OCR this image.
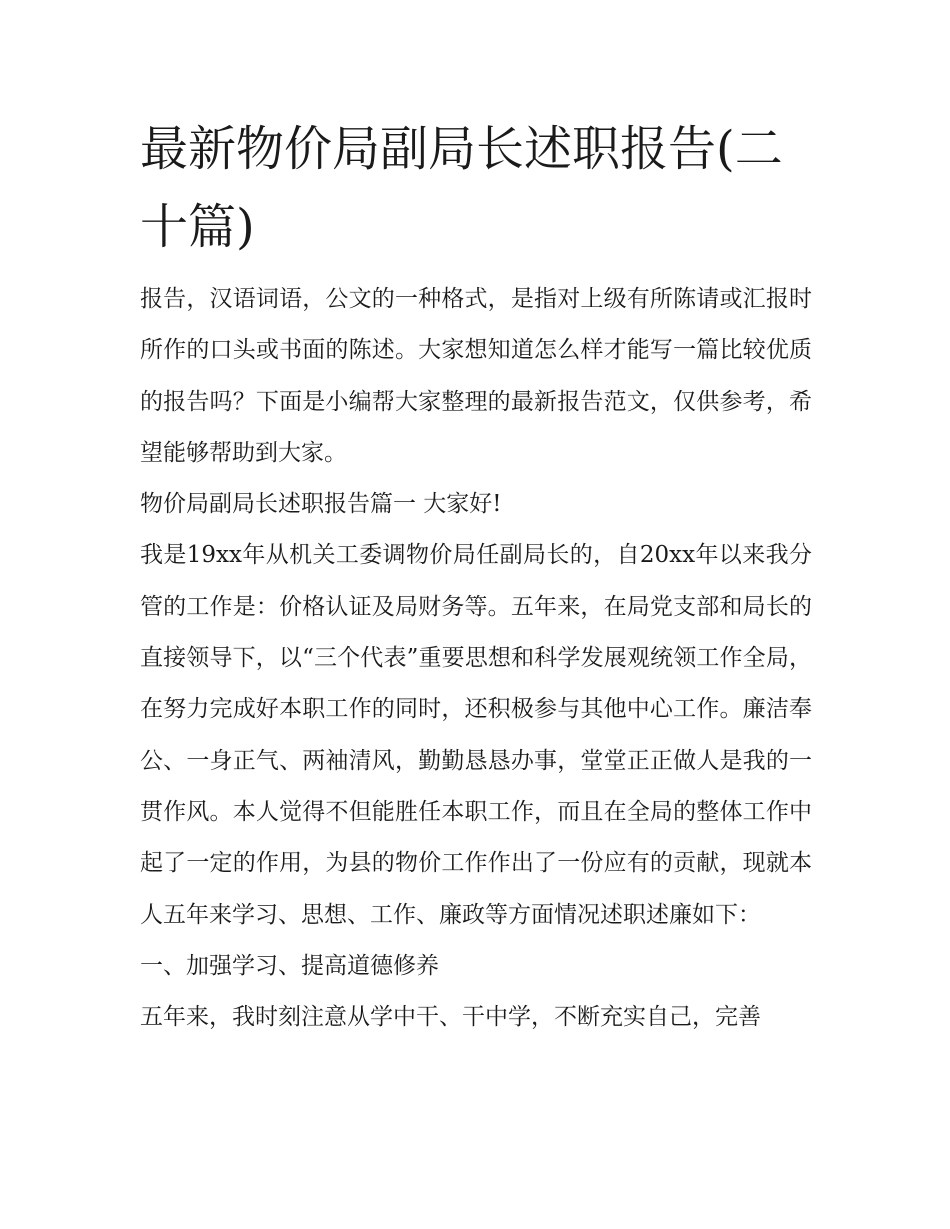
最新物价局副局长述职报告(二十篇)

报告，汉语词语，公文的一种格式，是指对上级有所陈请或汇报时所作的口头或书面的陈述。大家想知道怎么样才能写一篇比较优质的报告吗？下面是小编帮大家整理的最新报告范文，仅供参考，希望能够帮助到大家。

物价局副局长述职报告篇一 大家好!

我是19xx年从机关工委调物价局任副局长的，自20xx年以来我分管的工作是：价格认证及局财务等。五年来，在局党支部和局长的直接领导下，以“三个代表”重要思想和科学发展观统领工作全局，在努力完成好本职工作的同时，还积极参与其他中心工作。廉洁奉公、一身正气、两袖清风，勤勤恳恳办事，堂堂正正做人是我的一贯作风。本人觉得不但能胜任本职工作，而且在全局的整体工作中起了一定的作用，为县的物价工作作出了一份应有的贡献，现就本人五年来学习、思想、工作、廉政等方面情况述职述廉如下：

一、加强学习、提高道德修养

五年来，我时刻注意从学中干、干中学，不断充实自己，完善
